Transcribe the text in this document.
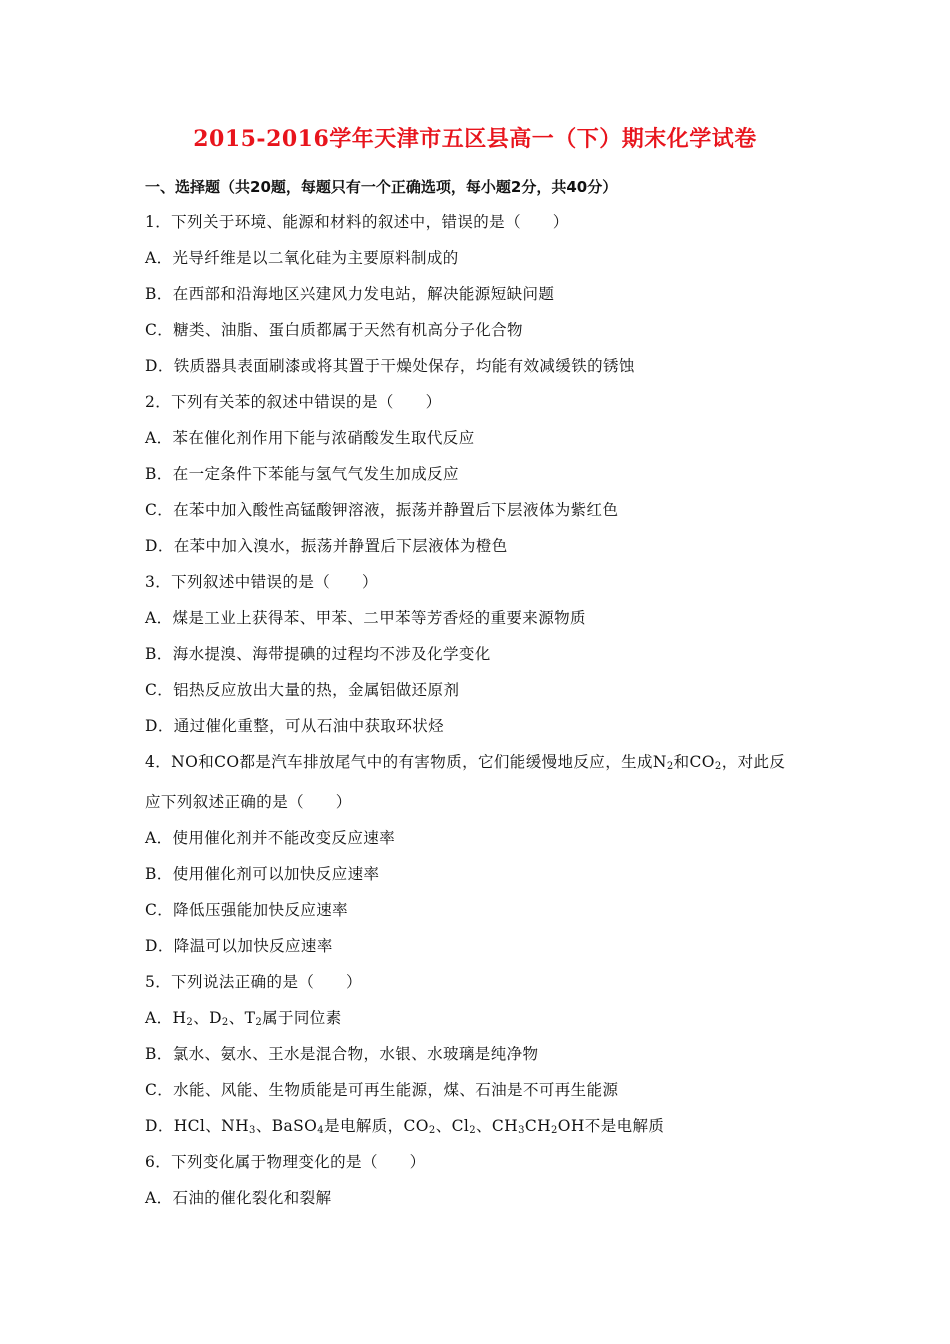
2015-2016学年天津市五区县高一（下）期末化学试卷
一、选择题（共20题，每题只有一个正确选项，每小题2分，共40分）
1．下列关于环境、能源和材料的叙述中，错误的是（　　）
A．光导纤维是以二氧化硅为主要原料制成的
B．在西部和沿海地区兴建风力发电站，解决能源短缺问题
C．糖类、油脂、蛋白质都属于天然有机高分子化合物
D．铁质器具表面刷漆或将其置于干燥处保存，均能有效减缓铁的锈蚀
2．下列有关苯的叙述中错误的是（　　）
A．苯在催化剂作用下能与浓硝酸发生取代反应
B．在一定条件下苯能与氢气气发生加成反应
C．在苯中加入酸性高锰酸钾溶液，振荡并静置后下层液体为紫红色
D．在苯中加入溴水，振荡并静置后下层液体为橙色
3．下列叙述中错误的是（　　）
A．煤是工业上获得苯、甲苯、二甲苯等芳香烃的重要来源物质
B．海水提溴、海带提碘的过程均不涉及化学变化
C．铝热反应放出大量的热，金属铝做还原剂
D．通过催化重整，可从石油中获取环状烃
4．NO和CO都是汽车排放尾气中的有害物质，它们能缓慢地反应，生成$N_2$和$CO_2$，对此反
应下列叙述正确的是（　　）
A．使用催化剂并不能改变反应速率
B．使用催化剂可以加快反应速率
C．降低压强能加快反应速率
D．降温可以加快反应速率
5．下列说法正确的是（　　）
A．$H_2$、$D_2$、$T_2$属于同位素
B．氯水、氨水、王水是混合物，水银、水玻璃是纯净物
C．水能、风能、生物质能是可再生能源，煤、石油是不可再生能源
D．HCl、$NH_3$、BaSO$_4$是电解质，$CO_2$、$Cl_2$、$CH_3CH_2OH$不是电解质
6．下列变化属于物理变化的是（　　）
A．石油的催化裂化和裂解
